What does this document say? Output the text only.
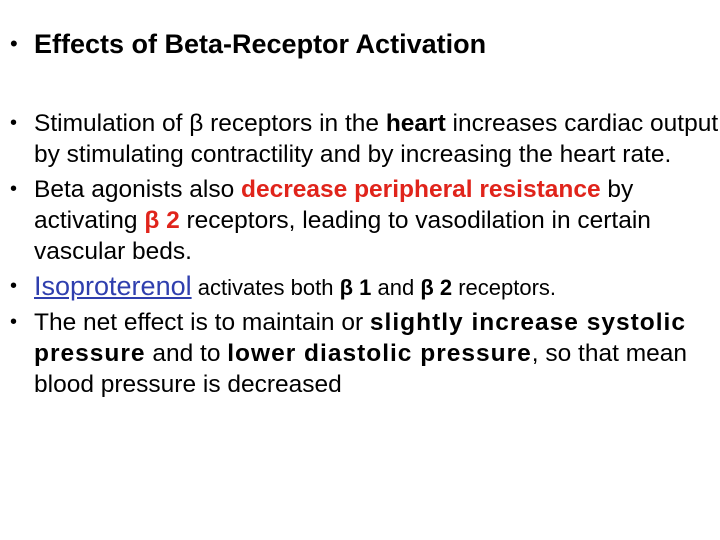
• Effects of Beta-Receptor Activation
• Stimulation of β receptors in the heart increases cardiac output by stimulating contractility and by increasing the heart rate.
• Beta agonists also decrease peripheral resistance by activating β 2 receptors, leading to vasodilation in certain vascular beds.
• Isoproterenol activates both β 1 and β 2 receptors.
• The net effect is to maintain or slightly increase systolic pressure and to lower diastolic pressure, so that mean blood pressure is decreased
